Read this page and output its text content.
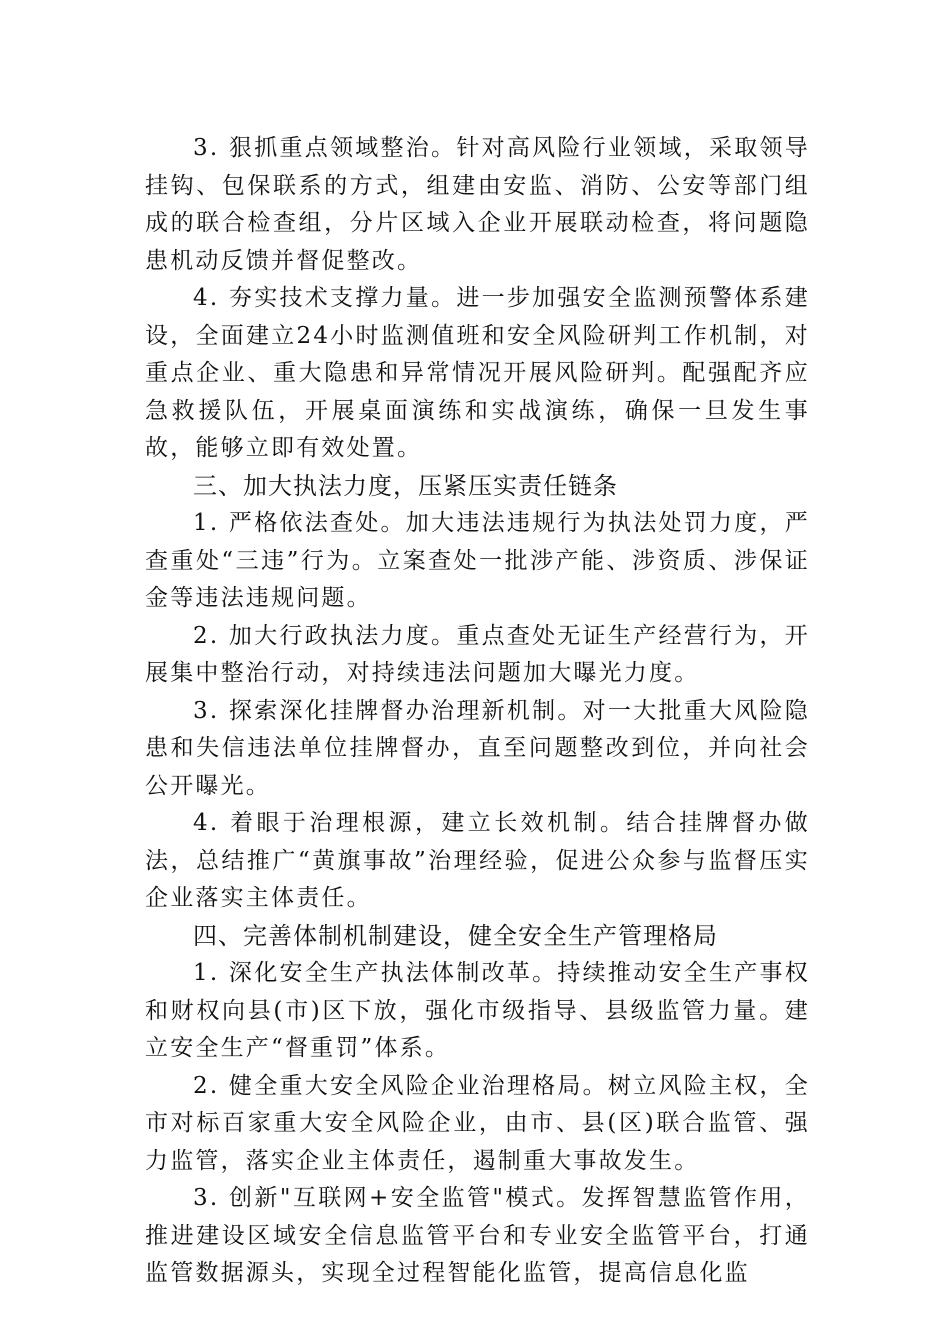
3. 狠抓重点领域整治。针对高风险行业领域，采取领导挂钩、包保联系的方式，组建由安监、消防、公安等部门组成的联合检查组，分片区域入企业开展联动检查，将问题隐患机动反馈并督促整改。

4. 夯实技术支撑力量。进一步加强安全监测预警体系建设，全面建立24小时监测值班和安全风险研判工作机制，对重点企业、重大隐患和异常情况开展风险研判。配强配齐应急救援队伍，开展桌面演练和实战演练，确保一旦发生事故，能够立即有效处置。

三、加大执法力度，压紧压实责任链条

1. 严格依法查处。加大违法违规行为执法处罚力度，严查重处“三违”行为。立案查处一批涉产能、涉资质、涉保证金等违法违规问题。

2. 加大行政执法力度。重点查处无证生产经营行为，开展集中整治行动，对持续违法问题加大曝光力度。

3. 探索深化挂牌督办治理新机制。对一大批重大风险隐患和失信违法单位挂牌督办，直至问题整改到位，并向社会公开曝光。

4. 着眼于治理根源，建立长效机制。结合挂牌督办做法，总结推广“黄旗事故”治理经验，促进公众参与监督压实企业落实主体责任。

四、完善体制机制建设，健全安全生产管理格局

1. 深化安全生产执法体制改革。持续推动安全生产事权和财权向县(市)区下放，强化市级指导、县级监管力量。建立安全生产“督重罚”体系。

2. 健全重大安全风险企业治理格局。树立风险主权，全市对标百家重大安全风险企业，由市、县(区)联合监管、强力监管，落实企业主体责任，遏制重大事故发生。

3. 创新"互联网+安全监管"模式。发挥智慧监管作用，推进建设区域安全信息监管平台和专业安全监管平台，打通监管数据源头，实现全过程智能化监管，提高信息化监
